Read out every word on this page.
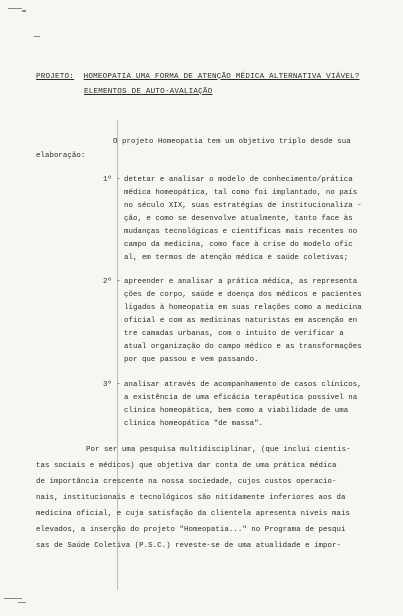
PROJETO: HOMEOPATIA UMA FORMA DE ATENÇÃO MÉDICA ALTERNATIVA VIÁVEL?
ELEMENTOS DE AUTO-AVALIAÇÃO
O projeto Homeopatia tem um objetivo triplo desde sua
elaboração:
1º - detetar e analisar o modelo de conhecimento/prática
médica homeopática, tal como foi implantado, no país
no século XIX, suas estratégias de institucionaliza -
ção, e como se desenvolve atualmente, tanto face às
mudanças tecnológicas e científicas mais recentes no
campo da medicina, como face à crise do modelo ofic
al, em termos de atenção médica e saúde coletivas;
2º - apreender e analisar a prática médica, as representa
ções de corpo, saúde e doença dos médicos e pacientes
ligados à homeopatia em suas relações como a medicina
oficial e com as medicinas naturistas em ascenção en
tre camadas urbanas, com o intuito de verificar a
atual organização do campo médico e as transformações
por que passou e vem passando.
3º - analisar através de acompanhamento de casos clínicos,
a existência de uma eficácia terapêutica possível na
clínica homeopática, bem como a viabilidade de uma
clínica homeopática "de massa".
Por ser uma pesquisa multidisciplinar, (que inclui cientis-
tas sociais e médicos) que objetiva dar conta de uma prática médica
de importância crescente na nossa sociedade, cujos custos operacio-
nais, institucionais e tecnológicos são nitidamente inferiores aos da
medicina oficial, e cuja satisfação da clientela apresenta níveis mais
elevados, a inserção do projeto "Homeopatia..." no Programa de pesqui
sas de Saúde Coletiva (P.S.C.) reveste-se de uma atualidade e impor-
